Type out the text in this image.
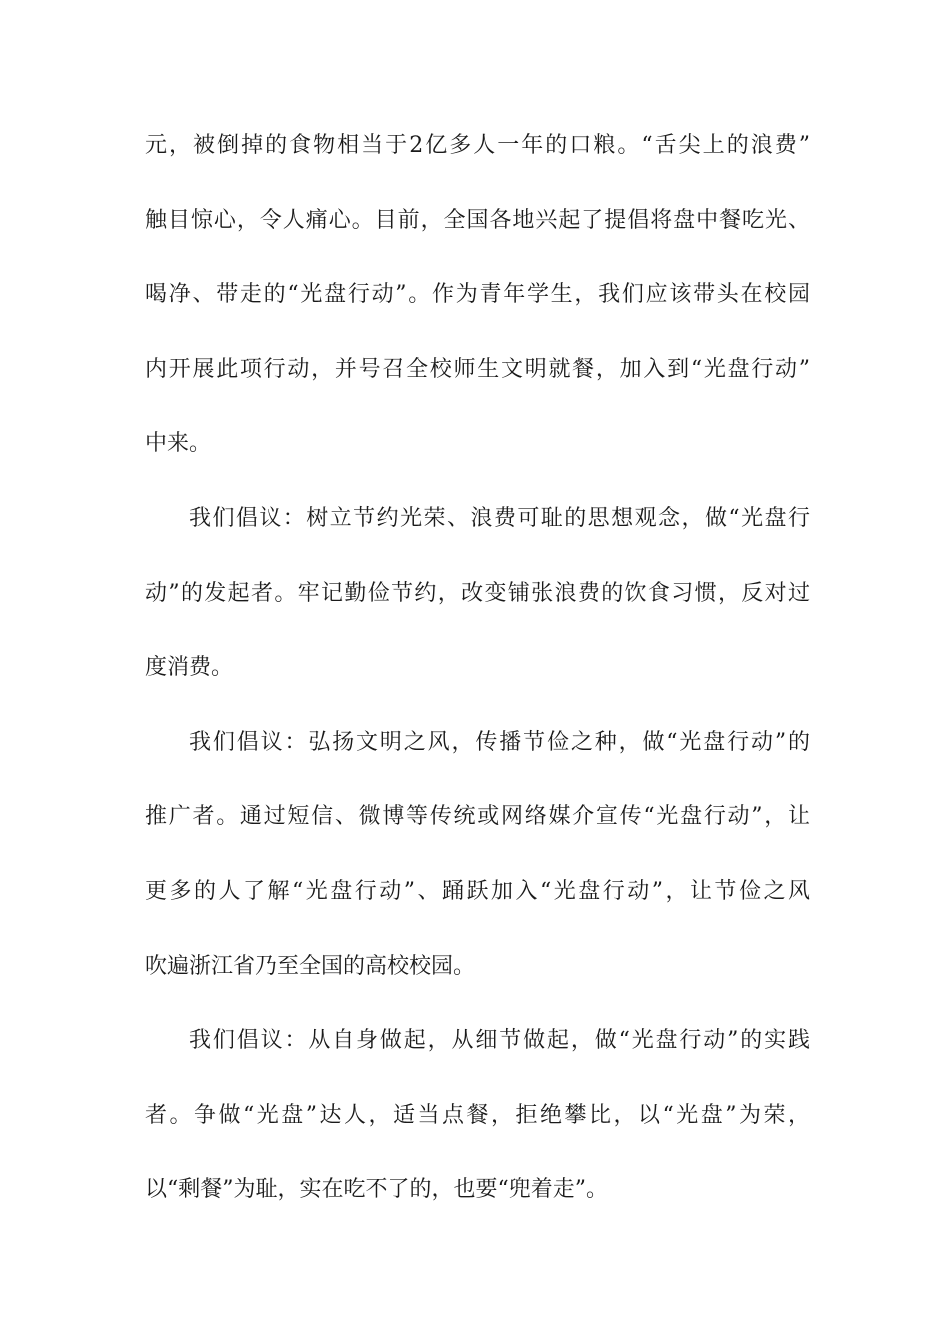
元，被倒掉的食物相当于2亿多人一年的口粮。“舌尖上的浪费”
触目惊心，令人痛心。目前，全国各地兴起了提倡将盘中餐吃光、
喝净、带走的“光盘行动”。作为青年学生，我们应该带头在校园
内开展此项行动，并号召全校师生文明就餐，加入到“光盘行动”
中来。
我们倡议：树立节约光荣、浪费可耻的思想观念，做“光盘行
动”的发起者。牢记勤俭节约，改变铺张浪费的饮食习惯，反对过
度消费。
我们倡议：弘扬文明之风，传播节俭之种，做“光盘行动”的
推广者。通过短信、微博等传统或网络媒介宣传“光盘行动”，让
更多的人了解“光盘行动”、踊跃加入“光盘行动”，让节俭之风
吹遍浙江省乃至全国的高校校园。
我们倡议：从自身做起，从细节做起，做“光盘行动”的实践
者。争做“光盘”达人，适当点餐，拒绝攀比，以“光盘”为荣，
以“剩餐”为耻，实在吃不了的，也要“兜着走”。
